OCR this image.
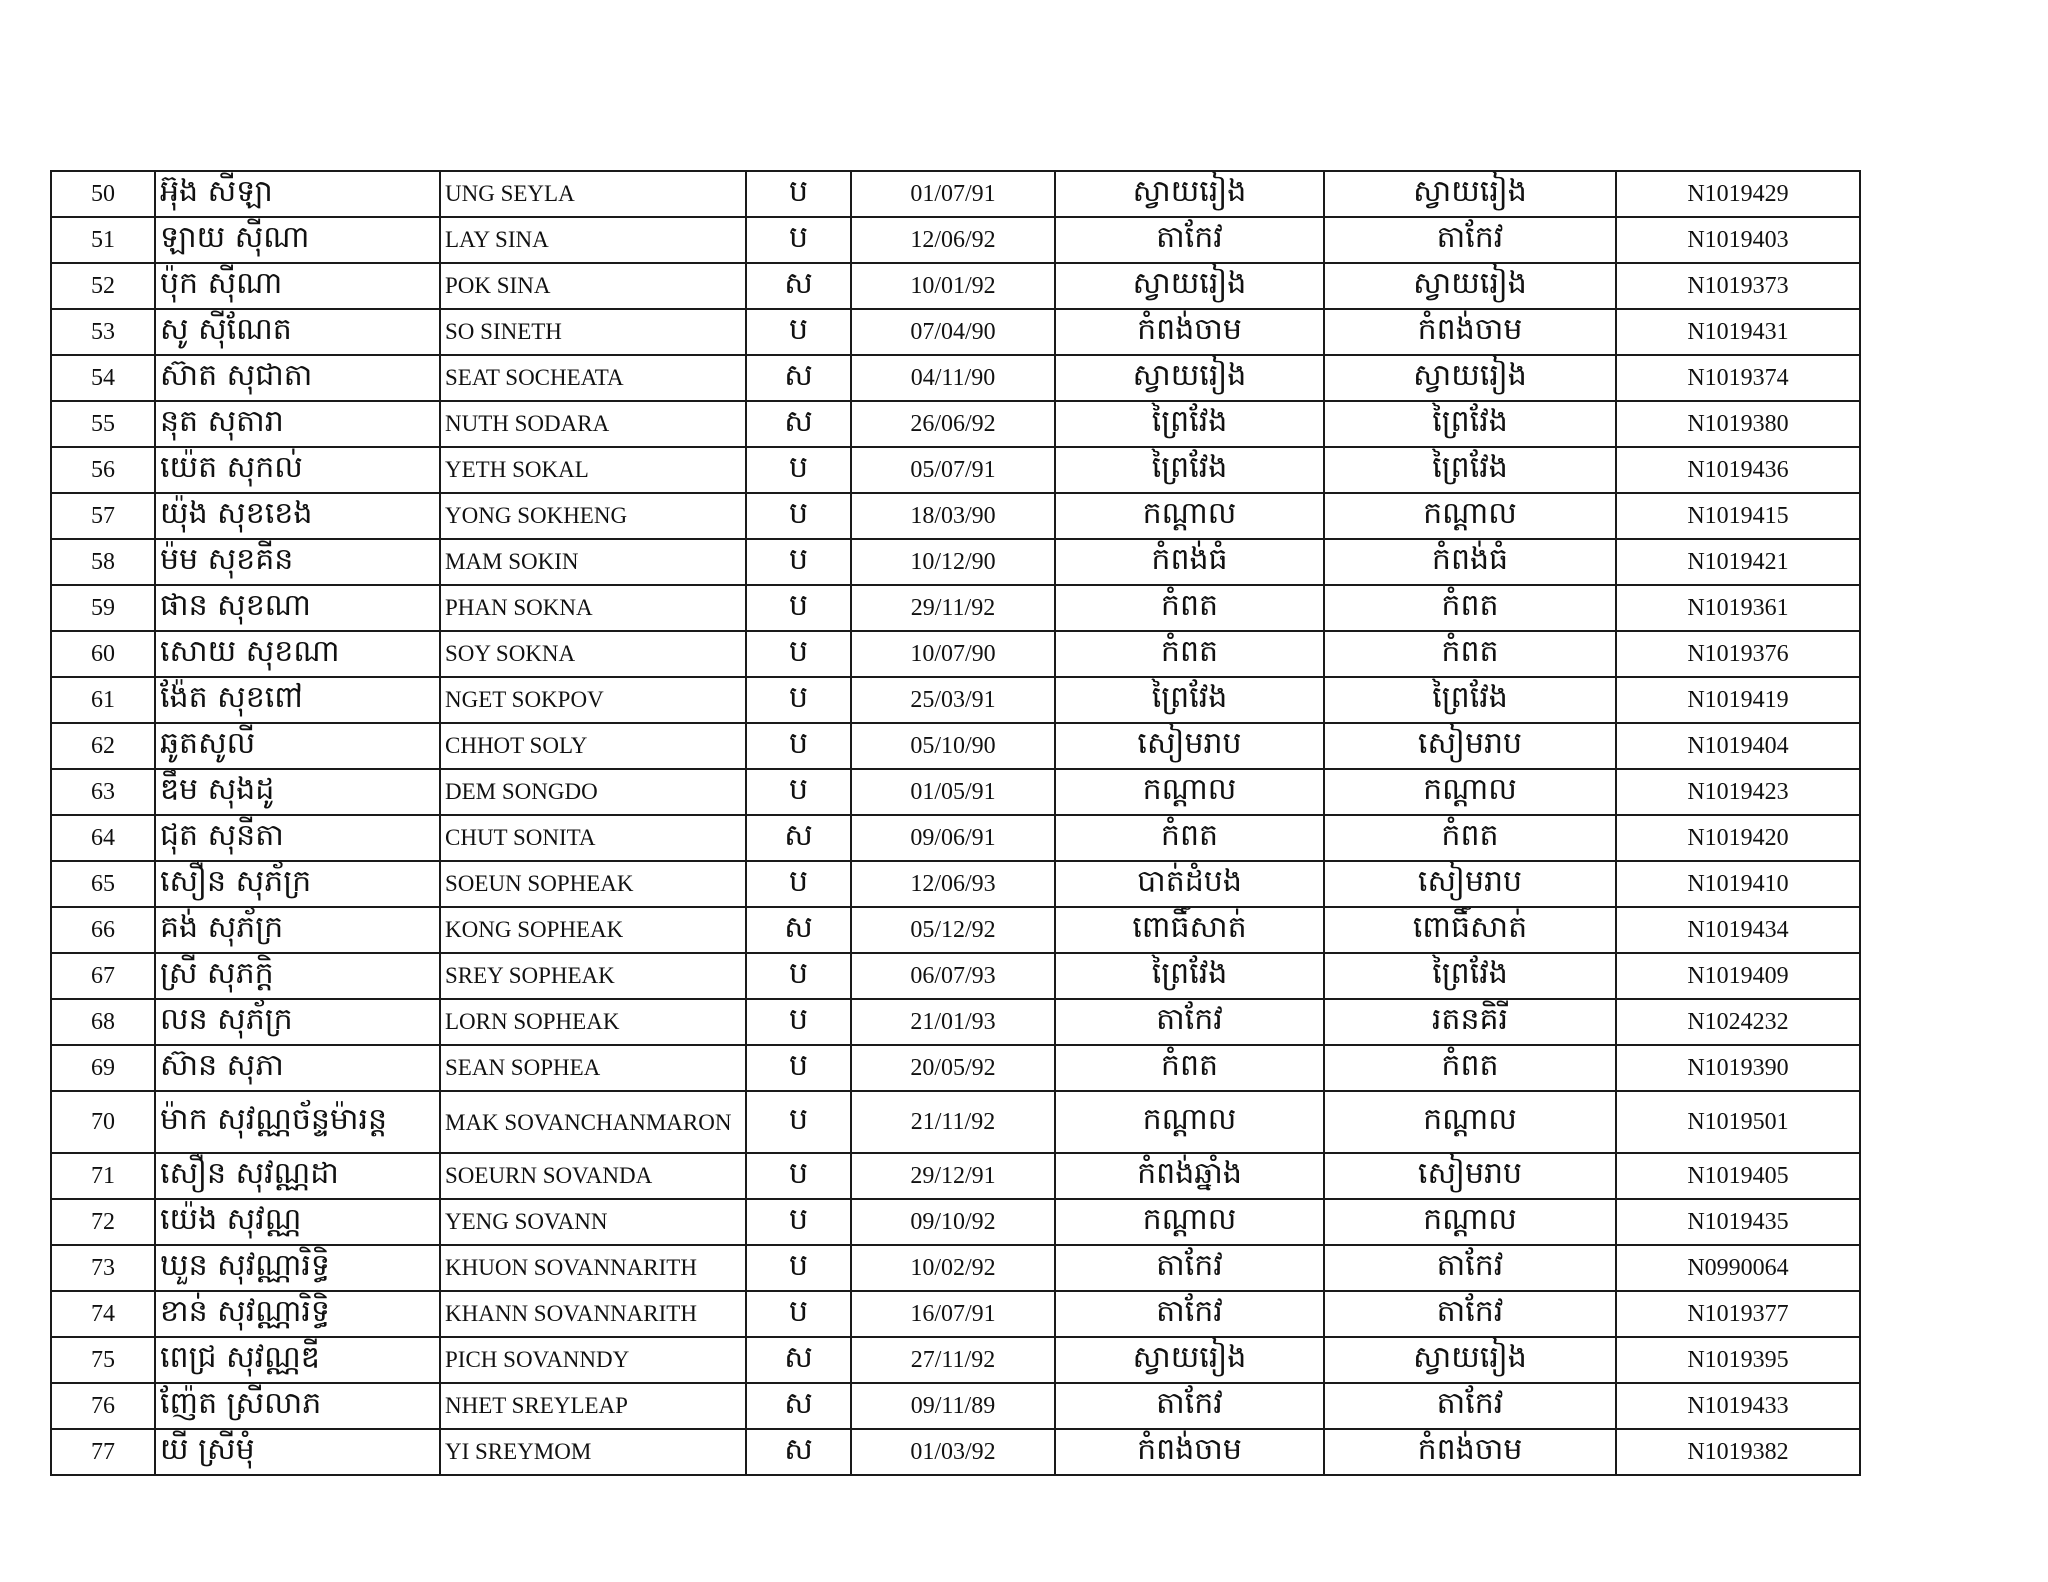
50	អ៊ុង សីឡា	UNG SEYLA	ប	01/07/91	ស្វាយរៀង	ស្វាយរៀង	N1019429
51	ឡាយ ស៊ីណា	LAY SINA	ប	12/06/92	តាកែវ	តាកែវ	N1019403
52	ប៉ុក ស៊ីណា	POK SINA	ស	10/01/92	ស្វាយរៀង	ស្វាយរៀង	N1019373
53	សូ ស៊ីណែត	SO SINETH	ប	07/04/90	កំពង់ចាម	កំពង់ចាម	N1019431
54	ស៊ាត សុជាតា	SEAT SOCHEATA	ស	04/11/90	ស្វាយរៀង	ស្វាយរៀង	N1019374
55	នុត សុតារា	NUTH SODARA	ស	26/06/92	ព្រៃវែង	ព្រៃវែង	N1019380
56	យ៉េត សុកល់	YETH SOKAL	ប	05/07/91	ព្រៃវែង	ព្រៃវែង	N1019436
57	យ៉ុង សុខខេង	YONG SOKHENG	ប	18/03/90	កណ្ដាល	កណ្ដាល	N1019415
58	ម៉ម សុខគីន	MAM SOKIN	ប	10/12/90	កំពង់ធំ	កំពង់ធំ	N1019421
59	ផាន សុខណា	PHAN SOKNA	ប	29/11/92	កំពត	កំពត	N1019361
60	សោយ សុខណា	SOY SOKNA	ប	10/07/90	កំពត	កំពត	N1019376
61	ង៉ែត សុខពៅ	NGET SOKPOV	ប	25/03/91	ព្រៃវែង	ព្រៃវែង	N1019419
62	ឆូតសូលី	CHHOT SOLY	ប	05/10/90	សៀមរាប	សៀមរាប	N1019404
63	ឌឹម សុងដូ	DEM SONGDO	ប	01/05/91	កណ្ដាល	កណ្ដាល	N1019423
64	ជុត សុនីតា	CHUT SONITA	ស	09/06/91	កំពត	កំពត	N1019420
65	សឿន សុភ័ក្រ	SOEUN SOPHEAK	ប	12/06/93	បាត់ដំបង	សៀមរាប	N1019410
66	គង់ សុភ័ក្រ	KONG SOPHEAK	ស	05/12/92	ពោធិ៍សាត់	ពោធិ៍សាត់	N1019434
67	ស្រី សុភក្តិ	SREY SOPHEAK	ប	06/07/93	ព្រៃវែង	ព្រៃវែង	N1019409
68	លន សុភ័ក្រ	LORN SOPHEAK	ប	21/01/93	តាកែវ	រតនគិរី	N1024232
69	ស៊ាន សុភា	SEAN SOPHEA	ប	20/05/92	កំពត	កំពត	N1019390
70	ម៉ាក សុវណ្ណច័ន្ទម៉ារន្ត	MAK SOVANCHANMARON	ប	21/11/92	កណ្ដាល	កណ្ដាល	N1019501
71	សឿន សុវណ្ណដា	SOEURN SOVANDA	ប	29/12/91	កំពង់ឆ្នាំង	សៀមរាប	N1019405
72	យ៉េង សុវណ្ណ	YENG SOVANN	ប	09/10/92	កណ្ដាល	កណ្ដាល	N1019435
73	ឃួន សុវណ្ណារិទ្ធិ	KHUON SOVANNARITH	ប	10/02/92	តាកែវ	តាកែវ	N0990064
74	ខាន់ សុវណ្ណារិទ្ធិ	KHANN SOVANNARITH	ប	16/07/91	តាកែវ	តាកែវ	N1019377
75	ពេជ្រ សុវណ្ណឌី	PICH SOVANNDY	ស	27/11/92	ស្វាយរៀង	ស្វាយរៀង	N1019395
76	ញ៉ែត ស្រីលាភ	NHET SREYLEAP	ស	09/11/89	តាកែវ	តាកែវ	N1019433
77	យី ស្រីមុំ	YI SREYMOM	ស	01/03/92	កំពង់ចាម	កំពង់ចាម	N1019382
